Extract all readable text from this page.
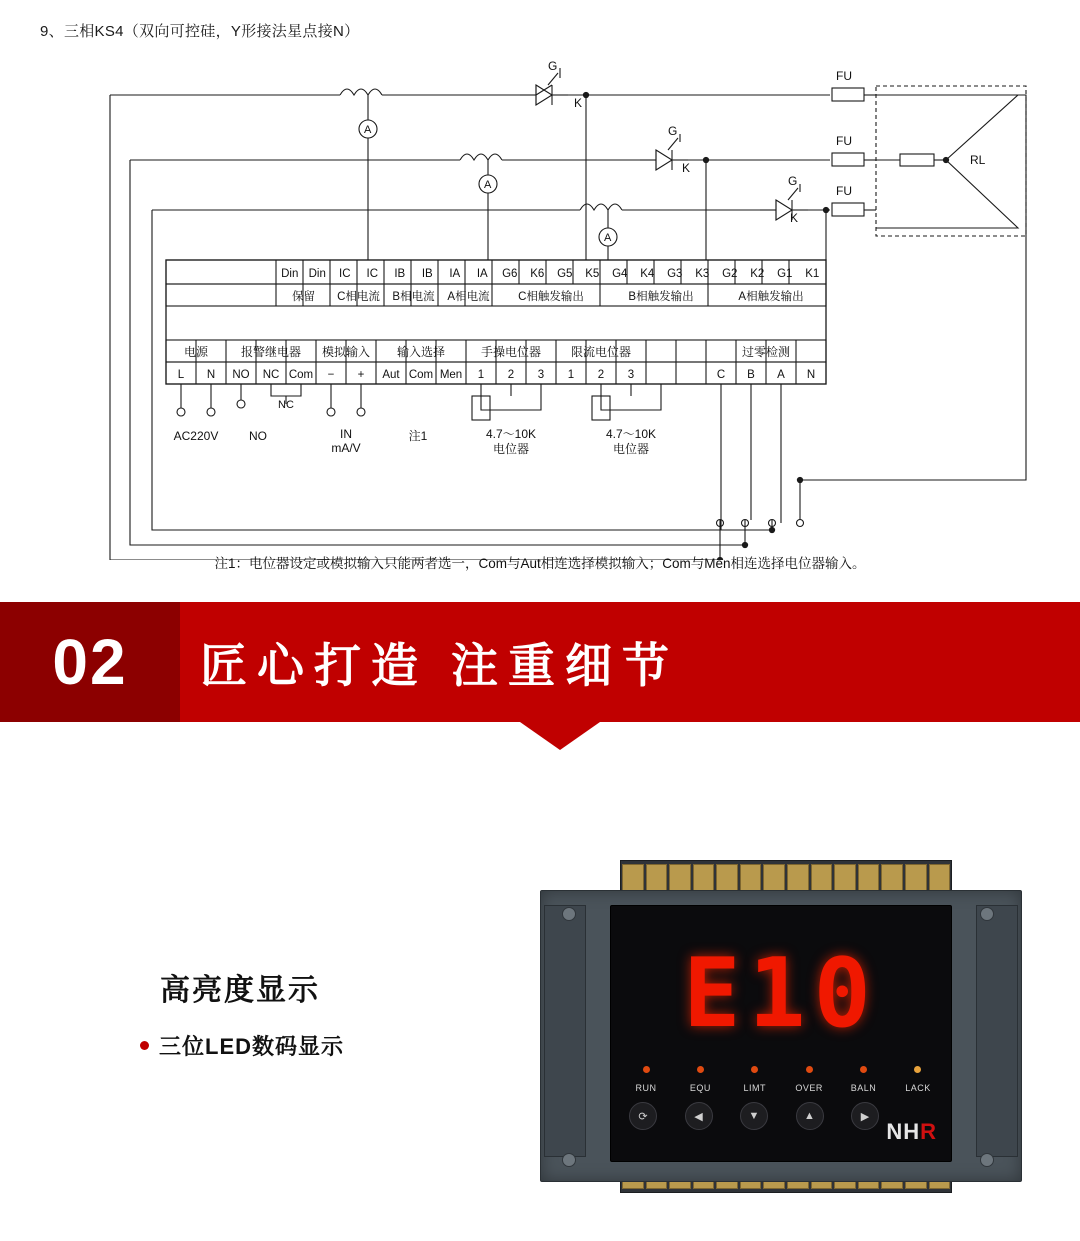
9、三相KS4（双向可控硅，Y形接法星点接N）
G
G
G
K
K
K
FU
FU
FU
RL
A
A
A
Din Din IC IC IB IB IA IA G6 K6 G5 K5 G4 K4 G3 K3 G2 K2 G1 K1
保留 C相电流 B相电流 A相电流 C相触发输出	B相触发输出	A相触发输出
电源	报警继电器 模拟输入 输入选择	手操电位器 限流电位器	过零检测
L N NO NC Com − + Aut Com Men 1 2 3 1 2 3	C B A N
AC220V	NO
NC
IN
mA/V
注1	4.7～10K
电位器
4.7～10K
电位器
注1：电位器设定或模拟输入只能两者选一，Com与Aut相连选择模拟输入；Com与Men相连选择电位器输入。
02	匠心打造 注重细节
高亮度显示
三位LED数码显示	E10
RUN	EQU	LIMT	OVER	BALN	LACK
⟳	◀	▼	▲	▶
NHR
